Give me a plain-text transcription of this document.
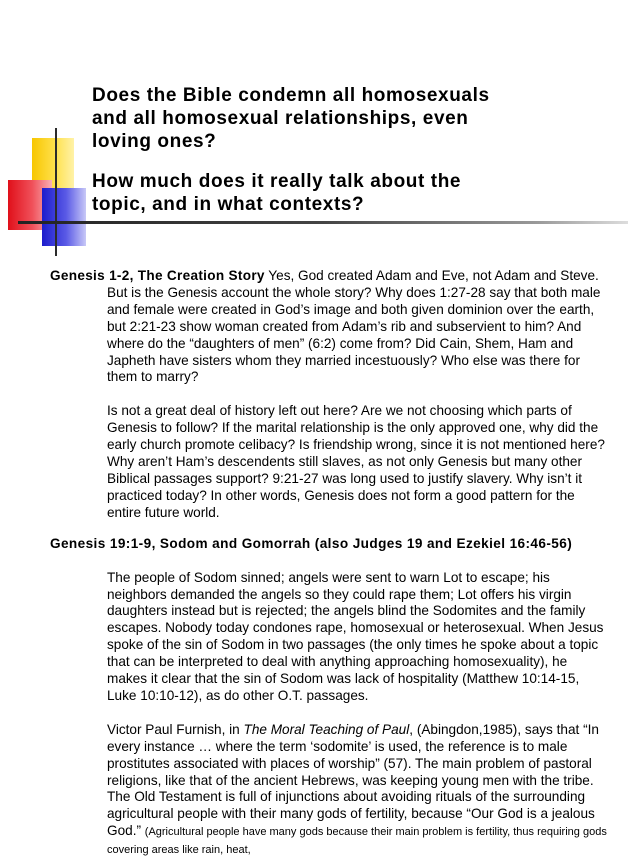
Does the Bible condemn all homosexuals
and all homosexual relationships, even
loving ones?
How much does it really talk about the
topic, and in what contexts?

Genesis 1-2, The Creation Story Yes, God created Adam and Eve, not Adam and Steve. But is the Genesis account the whole story? Why does 1:27-28 say that both male and female were created in God’s image and both given dominion over the earth, but 2:21-23 show woman created from Adam’s rib and subservient to him? And where do the “daughters of men” (6:2) come from? Did Cain, Shem, Ham and Japheth have sisters whom they married incestuously? Who else was there for them to marry?

Is not a great deal of history left out here? Are we not choosing which parts of Genesis to follow? If the marital relationship is the only approved one, why did the early church promote celibacy? Is friendship wrong, since it is not mentioned here? Why aren’t Ham’s descendents still slaves, as not only Genesis but many other Biblical passages support? 9:21-27 was long used to justify slavery. Why isn’t it practiced today? In other words, Genesis does not form a good pattern for the entire future world.

Genesis 19:1-9, Sodom and Gomorrah (also Judges 19 and Ezekiel 16:46-56)

The people of Sodom sinned; angels were sent to warn Lot to escape; his neighbors demanded the angels so they could rape them; Lot offers his virgin daughters instead but is rejected; the angels blind the Sodomites and the family escapes. Nobody today condones rape, homosexual or heterosexual. When Jesus spoke of the sin of Sodom in two passages (the only times he spoke about a topic that can be interpreted to deal with anything approaching homosexuality), he makes it clear that the sin of Sodom was lack of hospitality (Matthew 10:14-15, Luke 10:10-12), as do other O.T. passages.

Victor Paul Furnish, in The Moral Teaching of Paul, (Abingdon,1985), says that “In every instance … where the term ‘sodomite’ is used, the reference is to male prostitutes associated with places of worship” (57). The main problem of pastoral religions, like that of the ancient Hebrews, was keeping young men with the tribe. The Old Testament is full of injunctions about avoiding rituals of the surrounding agricultural people with their many gods of fertility, because “Our God is a jealous God.” (Agricultural people have many gods because their main problem is fertility, thus requiring gods covering areas like rain, heat,
